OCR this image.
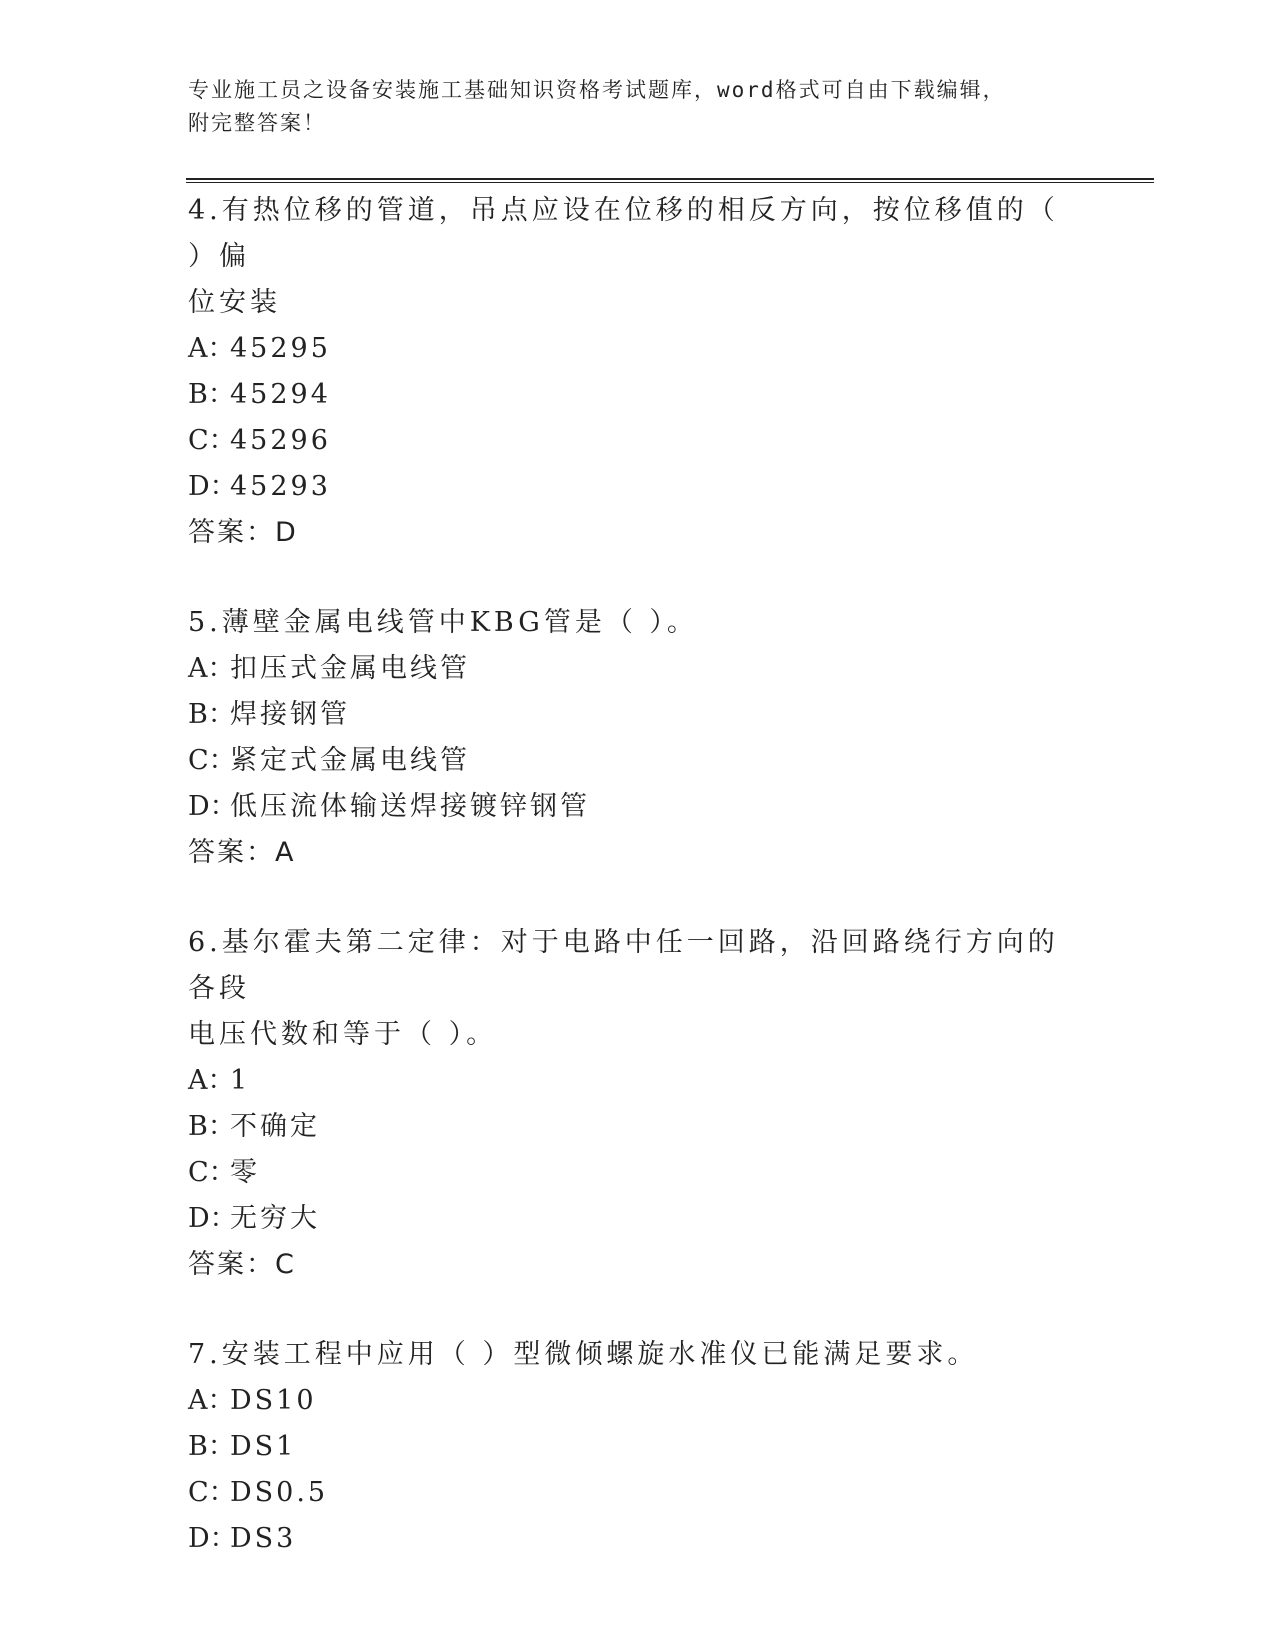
专业施工员之设备安装施工基础知识资格考试题库，word格式可自由下载编辑，
附完整答案！
4.有热位移的管道，吊点应设在位移的相反方向，按位移值的（ ）偏
位安装
A：45295
B：45294
C：45296
D：45293
答案：D
5.薄壁金属电线管中KBG管是（ ）。
A：扣压式金属电线管
B：焊接钢管
C：紧定式金属电线管
D：低压流体输送焊接镀锌钢管
答案：A
6.基尔霍夫第二定律：对于电路中任一回路，沿回路绕行方向的各段
电压代数和等于（ ）。
A：1
B：不确定
C：零
D：无穷大
答案：C
7.安装工程中应用（ ）型微倾螺旋水准仪已能满足要求。
A：DS10
B：DS1
C：DS0.5
D：DS3
